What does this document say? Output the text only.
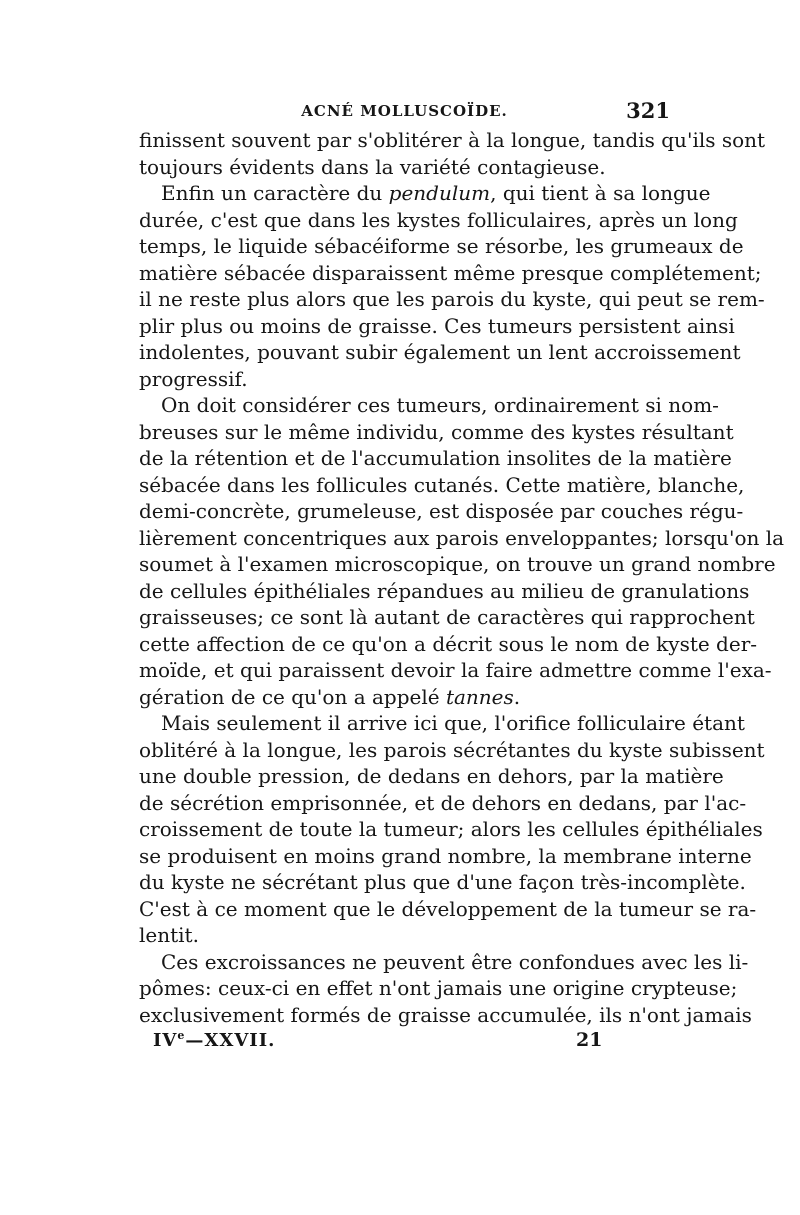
ACNÉ MOLLUSCOÏDE.	321
finissent souvent par s'oblitérer à la longue, tandis qu'ils sont
toujours évidents dans la variété contagieuse.
Enfin un caractère du pendulum, qui tient à sa longue
durée, c'est que dans les kystes folliculaires, après un long
temps, le liquide sébacéiforme se résorbe, les grumeaux de
matière sébacée disparaissent même presque complétement;
il ne reste plus alors que les parois du kyste, qui peut se rem-
plir plus ou moins de graisse. Ces tumeurs persistent ainsi
indolentes, pouvant subir également un lent accroissement
progressif.
On doit considérer ces tumeurs, ordinairement si nom-
breuses sur le même individu, comme des kystes résultant
de la rétention et de l'accumulation insolites de la matière
sébacée dans les follicules cutanés. Cette matière, blanche,
demi-concrète, grumeleuse, est disposée par couches régu-
lièrement concentriques aux parois enveloppantes; lorsqu'on la
soumet à l'examen microscopique, on trouve un grand nombre
de cellules épithéliales répandues au milieu de granulations
graisseuses; ce sont là autant de caractères qui rapprochent
cette affection de ce qu'on a décrit sous le nom de kyste der-
moïde, et qui paraissent devoir la faire admettre comme l'exa-
gération de ce qu'on a appelé tannes.
Mais seulement il arrive ici que, l'orifice folliculaire étant
oblitéré à la longue, les parois sécrétantes du kyste subissent
une double pression, de dedans en dehors, par la matière
de sécrétion emprisonnée, et de dehors en dedans, par l'ac-
croissement de toute la tumeur; alors les cellules épithéliales
se produisent en moins grand nombre, la membrane interne
du kyste ne sécrétant plus que d'une façon très-incomplète.
C'est à ce moment que le développement de la tumeur se ra-
lentit.
Ces excroissances ne peuvent être confondues avec les li-
pômes: ceux-ci en effet n'ont jamais une origine crypteuse;
exclusivement formés de graisse accumulée, ils n'ont jamais
IVe—XXVII.	21
